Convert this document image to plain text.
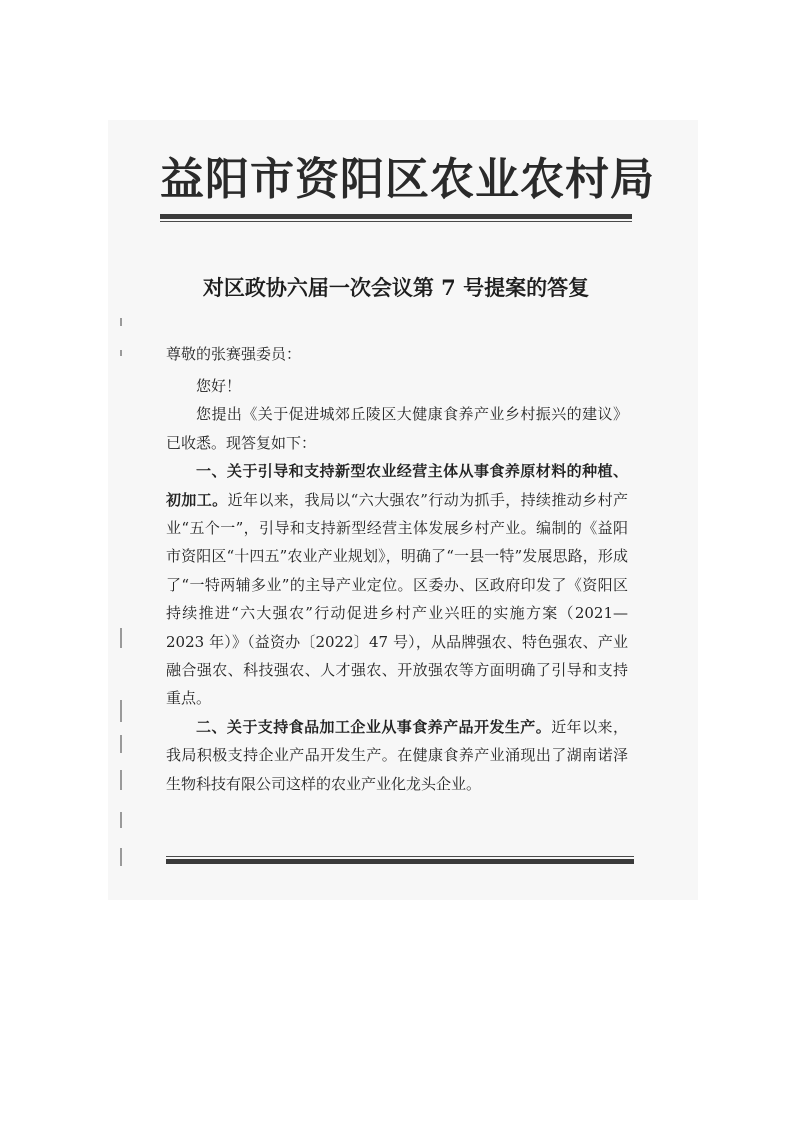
益阳市资阳区农业农村局
对区政协六届一次会议第 7 号提案的答复
尊敬的张赛强委员：

您好！

您提出《关于促进城郊丘陵区大健康食养产业乡村振兴的建议》已收悉。现答复如下：

一、关于引导和支持新型农业经营主体从事食养原材料的种植、初加工。近年以来，我局以“六大强农”行动为抓手，持续推动乡村产业“五个一”，引导和支持新型经营主体发展乡村产业。编制的《益阳市资阳区“十四五”农业产业规划》，明确了“一县一特”发展思路，形成了“一特两辅多业”的主导产业定位。区委办、区政府印发了《资阳区持续推进“六大强农”行动促进乡村产业兴旺的实施方案（2021—2023 年）》（益资办〔2022〕47 号），从品牌强农、特色强农、产业融合强农、科技强农、人才强农、开放强农等方面明确了引导和支持重点。

二、关于支持食品加工企业从事食养产品开发生产。近年以来，我局积极支持企业产品开发生产。在健康食养产业涌现出了湖南诺泽生物科技有限公司这样的农业产业化龙头企业。
